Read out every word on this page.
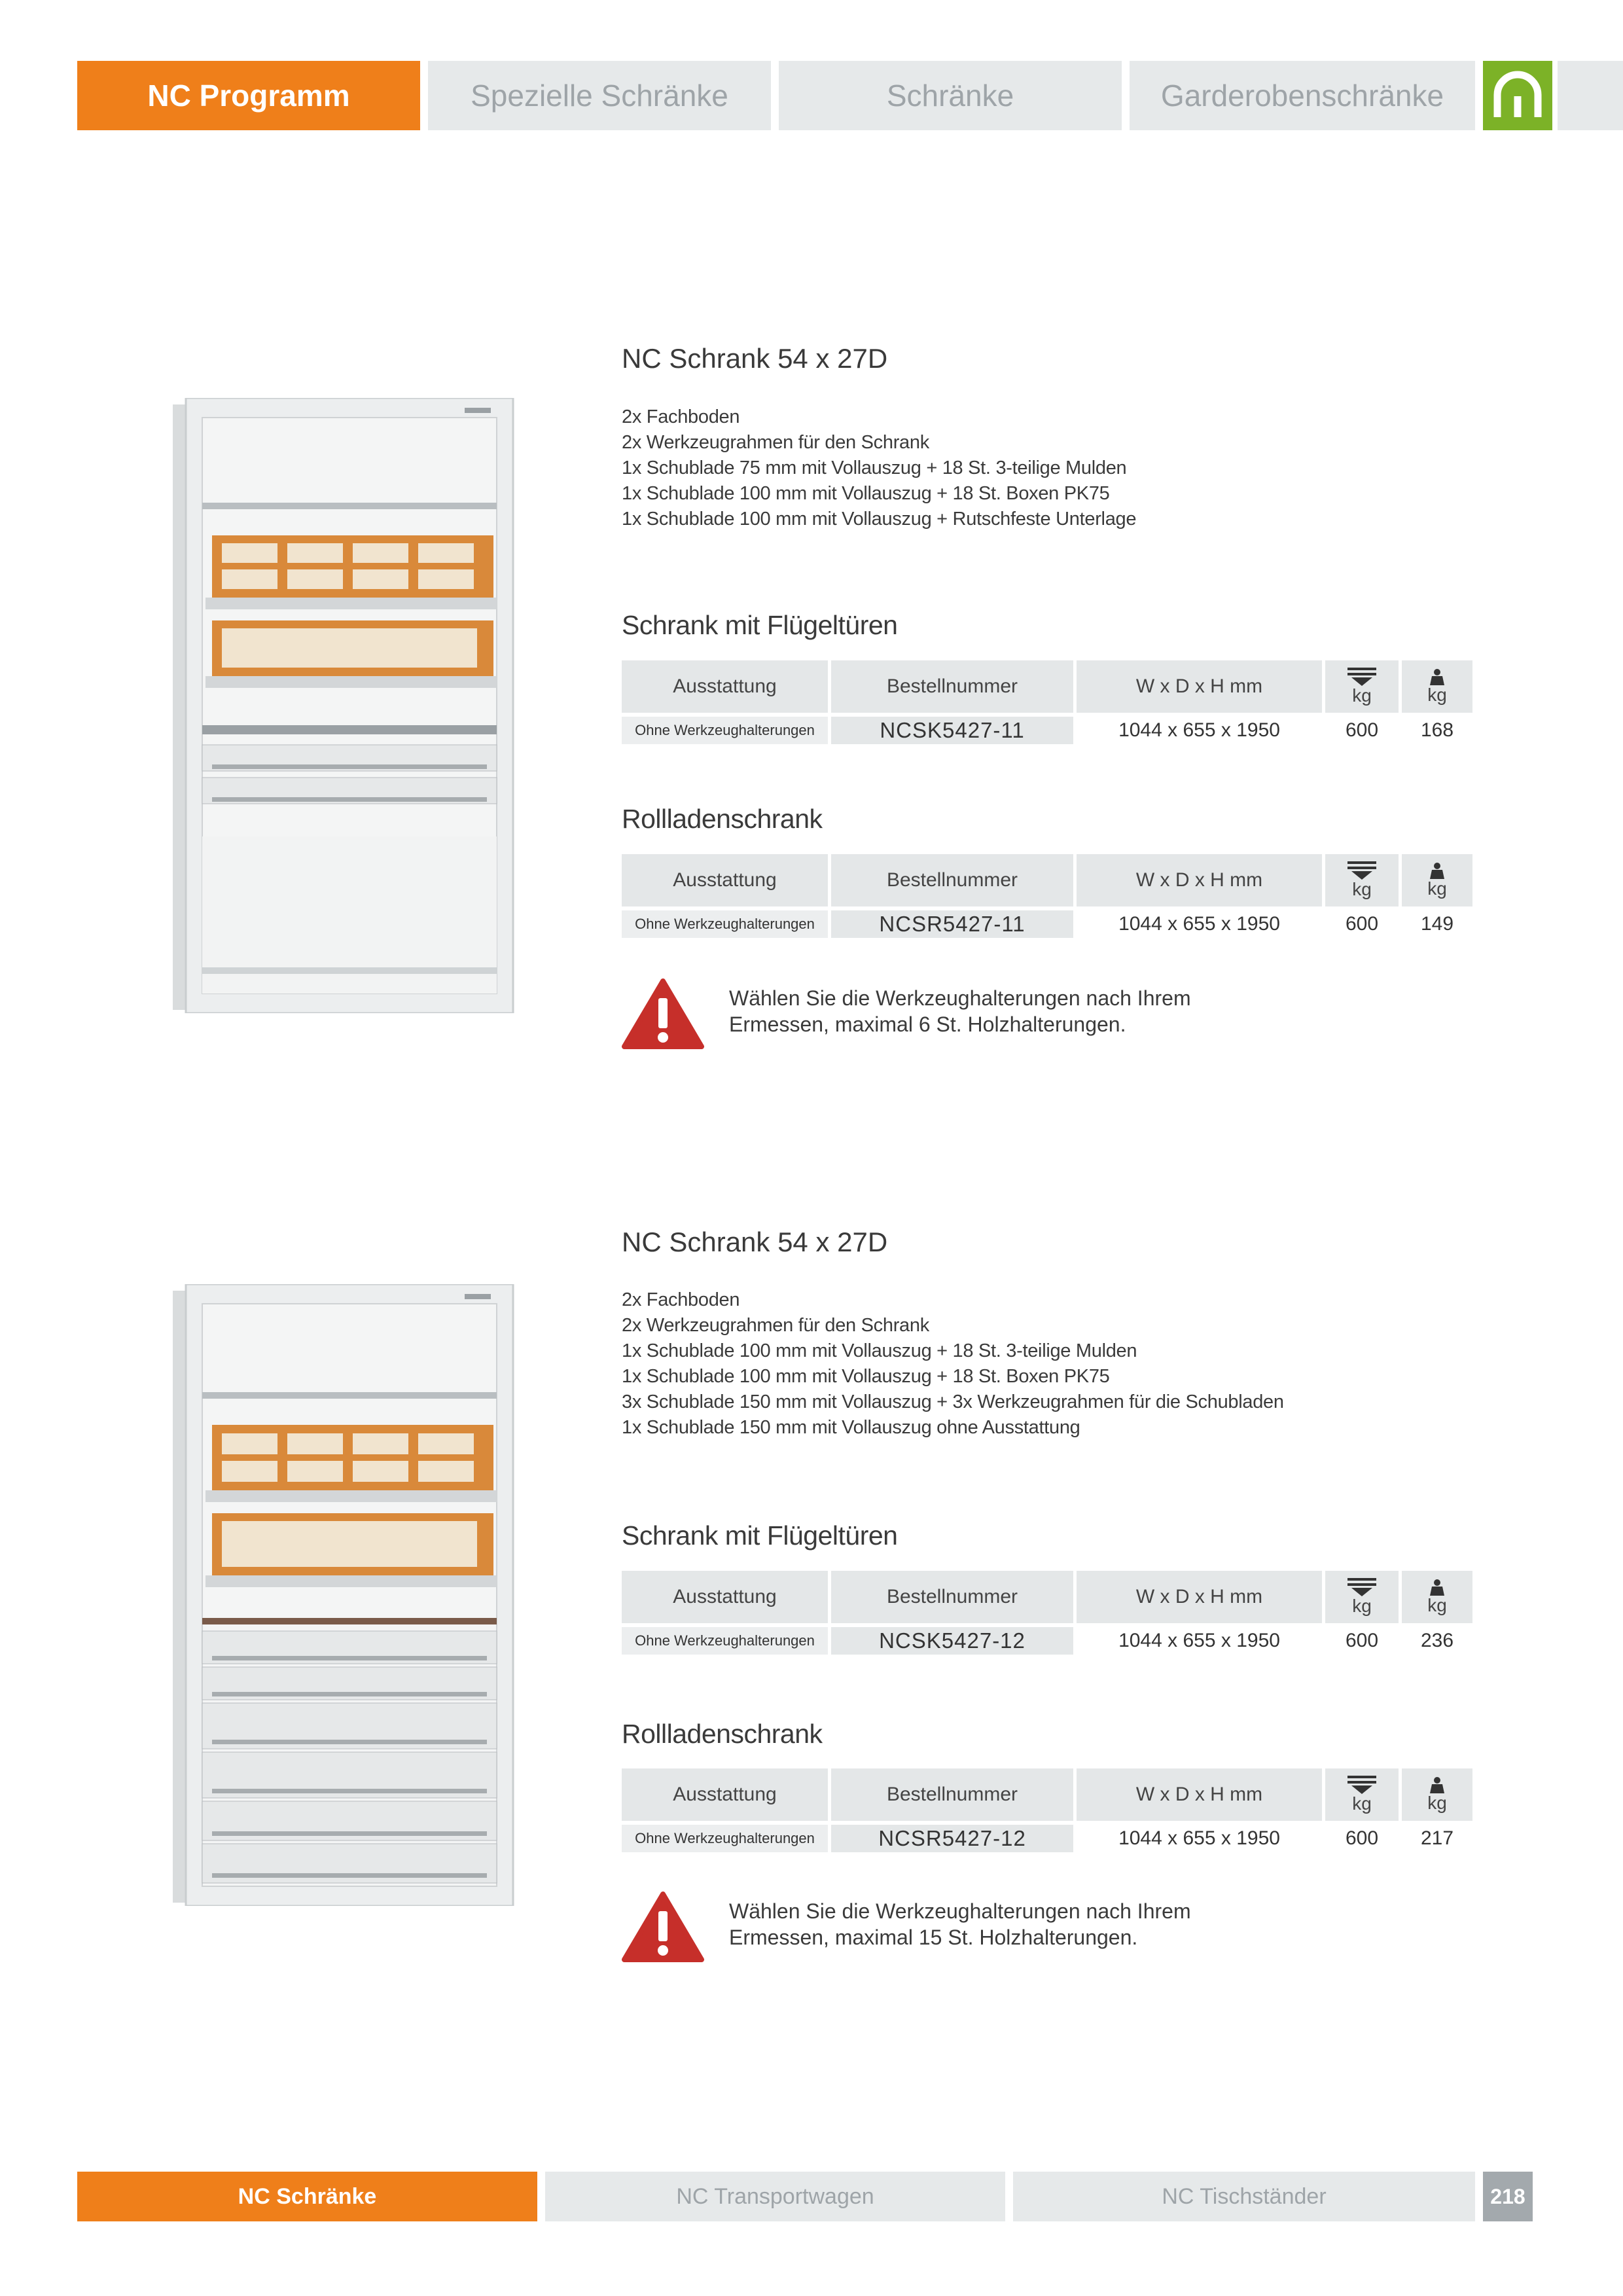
NC Programm	Spezielle Schränke	Schränke	Garderobenschränke
NC Schrank 54 x 27D
2x Fachboden
2x Werkzeugrahmen für den Schrank
1x Schublade 75 mm mit Vollauszug + 18 St. 3-teilige Mulden
1x Schublade 100 mm mit Vollauszug + 18 St. Boxen PK75
1x Schublade 100 mm mit Vollauszug + Rutschfeste Unterlage
Schrank mit Flügeltüren
Ausstattung	Bestellnummer	W x D x H mm	kg	kg
Ohne Werkzeughalterungen	NCSK5427-11	1044 x 655 x 1950	600	168
Rollladenschrank
Ausstattung	Bestellnummer	W x D x H mm	kg	kg
Ohne Werkzeughalterungen	NCSR5427-11	1044 x 655 x 1950	600	149
Wählen Sie die Werkzeughalterungen nach Ihrem
Ermessen, maximal 6 St. Holzhalterungen.
NC Schrank 54 x 27D
2x Fachboden
2x Werkzeugrahmen für den Schrank
1x Schublade 100 mm mit Vollauszug + 18 St. 3-teilige Mulden
1x Schublade 100 mm mit Vollauszug + 18 St. Boxen PK75
3x Schublade 150 mm mit Vollauszug + 3x Werkzeugrahmen für die Schubladen
1x Schublade 150 mm mit Vollauszug ohne Ausstattung
Schrank mit Flügeltüren
Ausstattung	Bestellnummer	W x D x H mm	kg	kg
Ohne Werkzeughalterungen	NCSK5427-12	1044 x 655 x 1950	600	236
Rollladenschrank
Ausstattung	Bestellnummer	W x D x H mm	kg	kg
Ohne Werkzeughalterungen	NCSR5427-12	1044 x 655 x 1950	600	217
Wählen Sie die Werkzeughalterungen nach Ihrem
Ermessen, maximal 15 St. Holzhalterungen.
NC Schränke	NC Transportwagen	NC Tischständer	218
